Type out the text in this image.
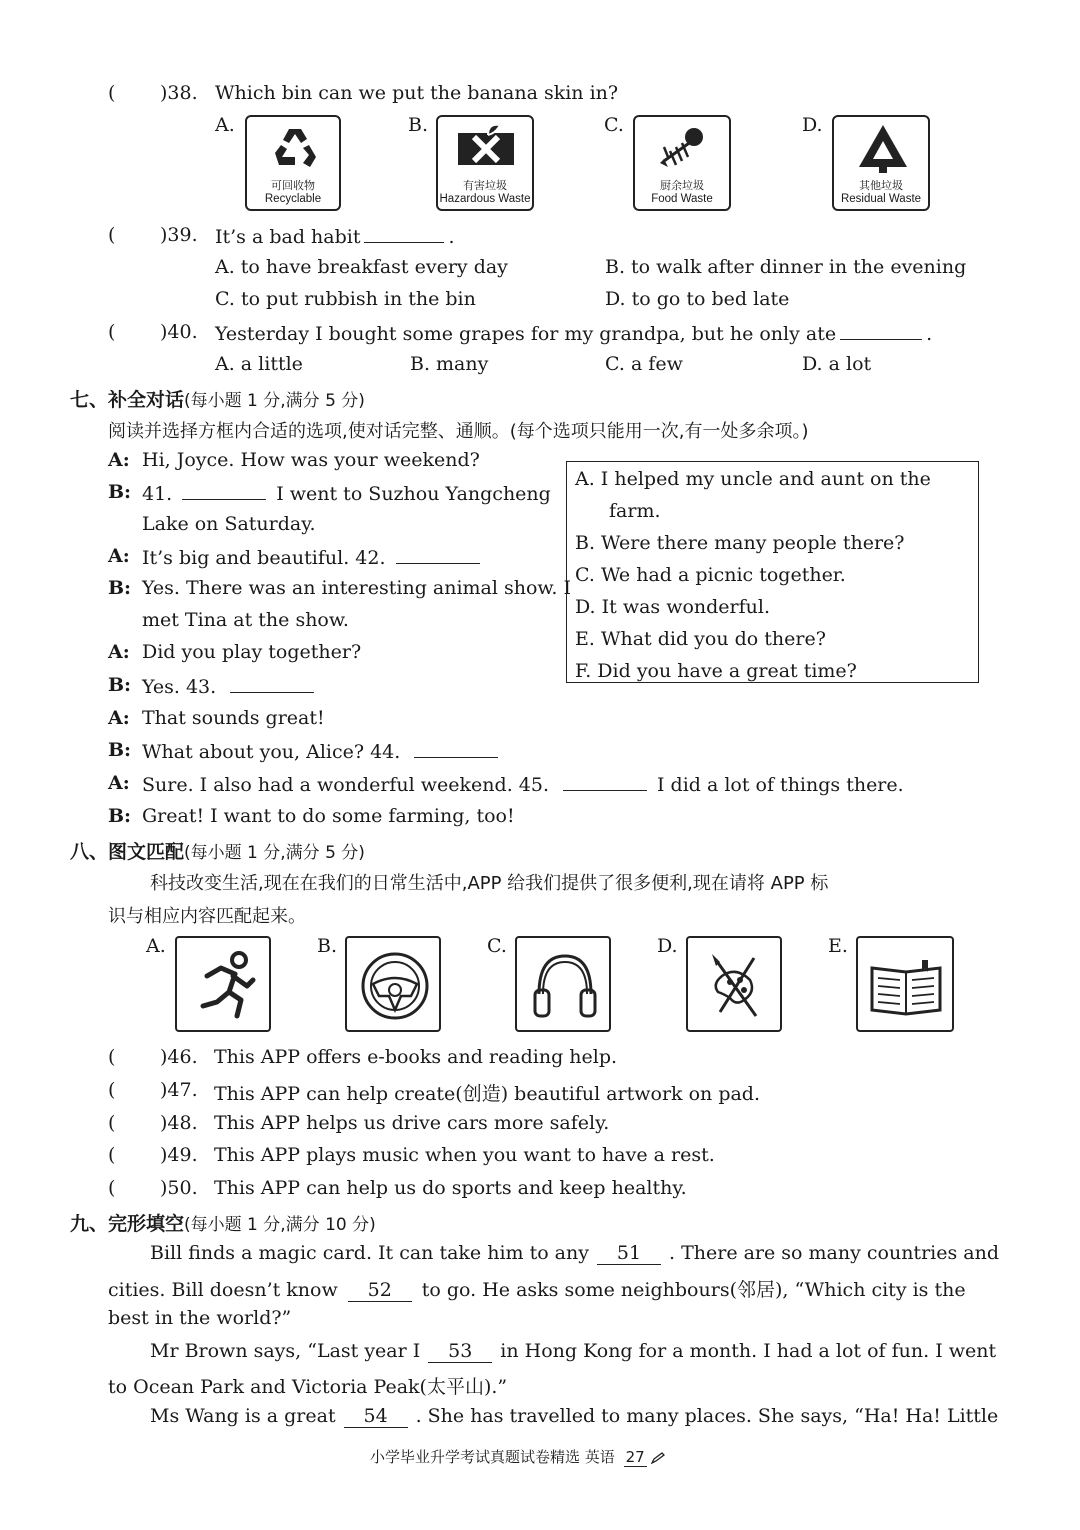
( )38. Which bin can we put the banana skin in?
A.
可回收物
Recyclable
B.
有害垃圾
Hazardous Waste
C.
厨余垃圾
Food Waste
D.
其他垃圾
Residual Waste
( )39. It’s a bad habit	.
A. to have breakfast every day	B. to walk after dinner in the evening
C. to put rubbish in the bin	D. to go to bed late
( )40. Yesterday I bought some grapes for my grandpa, but he only ate	.
A. a little	B. many	C. a few	D. a lot
七、补全对话(每小题 1 分,满分 5 分)
阅读并选择方框内合适的选项,使对话完整、通顺。(每个选项只能用一次,有一处多余项。)
A: Hi, Joyce. How was your weekend?
B: 41.	I went to Suzhou Yangcheng
Lake on Saturday.
A: It’s big and beautiful. 42.
B: Yes. There was an interesting animal show. I
met Tina at the show.
A: Did you play together?
B: Yes. 43.
A: That sounds great!
B: What about you, Alice? 44.
A: Sure. I also had a wonderful weekend. 45.	I did a lot of things there.
B: Great! I want to do some farming, too!
A. I helped my uncle and aunt on the
farm.
B. Were there many people there?
C. We had a picnic together.
D. It was wonderful.
E. What did you do there?
F. Did you have a great time?
八、图文匹配(每小题 1 分,满分 5 分)
科技改变生活,现在在我们的日常生活中,APP 给我们提供了很多便利,现在请将 APP 标
识与相应内容匹配起来。
A.	B.	C.	D.	E.
( )46. This APP offers e-books and reading help.
( )47. This APP can help create(创造) beautiful artwork on pad.
( )48. This APP helps us drive cars more safely.
( )49. This APP plays music when you want to have a rest.
( )50. This APP can help us do sports and keep healthy.
九、完形填空(每小题 1 分,满分 10 分)
Bill finds a magic card. It can take him to any 51 . There are so many countries and
cities. Bill doesn’t know 52 to go. He asks some neighbours(邻居), “Which city is the
best in the world?”
Mr Brown says, “Last year I 53 in Hong Kong for a month. I had a lot of fun. I went
to Ocean Park and Victoria Peak(太平山).”
Ms Wang is a great 54 . She has travelled to many places. She says, “Ha! Ha! Little
小学毕业升学考试真题试卷精选 英语 27
